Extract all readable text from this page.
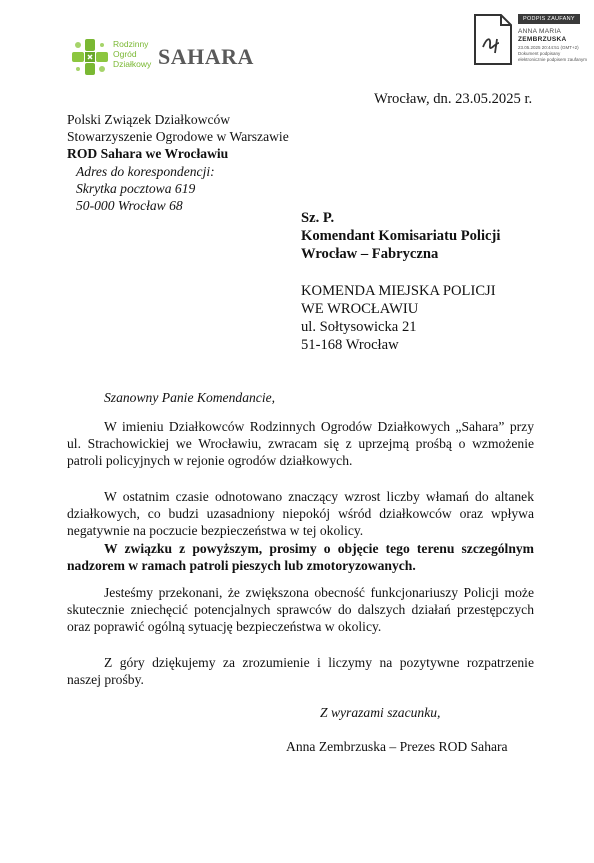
Rodzinny
Ogród
Działkowy SAHARA
PODPIS ZAUFANY
ANNA MARIA
ZEMBRZUSKA
23.05.2025 20:44:51 (GMT+2)
Dokument podpisany elektronicznie podpisem zaufanym
Wrocław, dn. 23.05.2025 r.
Polski Związek Działkowców
Stowarzyszenie Ogrodowe w Warszawie
ROD Sahara we Wrocławiu
Adres do korespondencji:
Skrytka pocztowa 619
50-000 Wrocław 68
Sz. P.
Komendant Komisariatu Policji
Wrocław – Fabryczna
KOMENDA MIEJSKA POLICJI
WE WROCŁAWIU
ul. Sołtysowicka 21
51-168 Wrocław
Szanowny Panie Komendancie,

W imieniu Działkowców Rodzinnych Ogrodów Działkowych „Sahara” przy ul. Strachowickiej we Wrocławiu, zwracam się z uprzejmą prośbą o wzmożenie patroli policyjnych w rejonie ogrodów działkowych.

W ostatnim czasie odnotowano znaczący wzrost liczby włamań do altanek działkowych, co budzi uzasadniony niepokój wśród działkowców oraz wpływa negatywnie na poczucie bezpieczeństwa w tej okolicy.

W związku z powyższym, prosimy o objęcie tego terenu szczególnym nadzorem w ramach patroli pieszych lub zmotoryzowanych.

Jesteśmy przekonani, że zwiększona obecność funkcjonariuszy Policji może skutecznie zniechęcić potencjalnych sprawców do dalszych działań przestępczych oraz poprawić ogólną sytuację bezpieczeństwa w okolicy.

Z góry dziękujemy za zrozumienie i liczymy na pozytywne rozpatrzenie naszej prośby.

Z wyrazami szacunku,
Anna Zembrzuska – Prezes ROD Sahara
